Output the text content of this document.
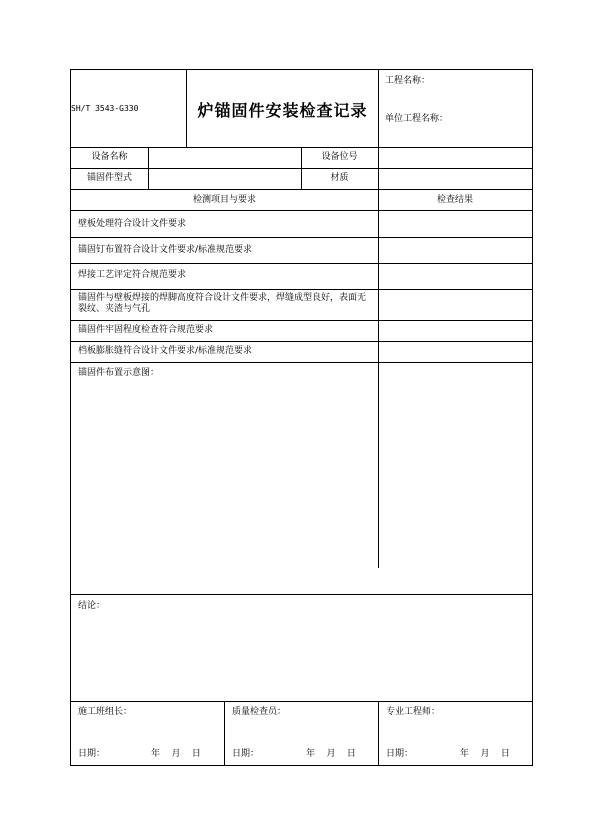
SH/T 3543-G330	炉锚固件安装检查记录
工程名称：
单位工程名称：
设备名称	设备位号
锚固件型式	材质
检测项目与要求	检查结果
壁板处理符合设计文件要求
锚固钉布置符合设计文件要求/标准规范要求
焊接工艺评定符合规范要求
锚固件与壁板焊接的焊脚高度符合设计文件要求，焊缝成型良好，表面无裂纹、夹渣与气孔
锚固件牢固程度检查符合规范要求
档板膨胀缝符合设计文件要求/标准规范要求
锚固件布置示意图：
结论：
施工班组长：
日期：	年    月    日
质量检查员：
日期：	年    月    日
专业工程师：
日期：	年    月    日
